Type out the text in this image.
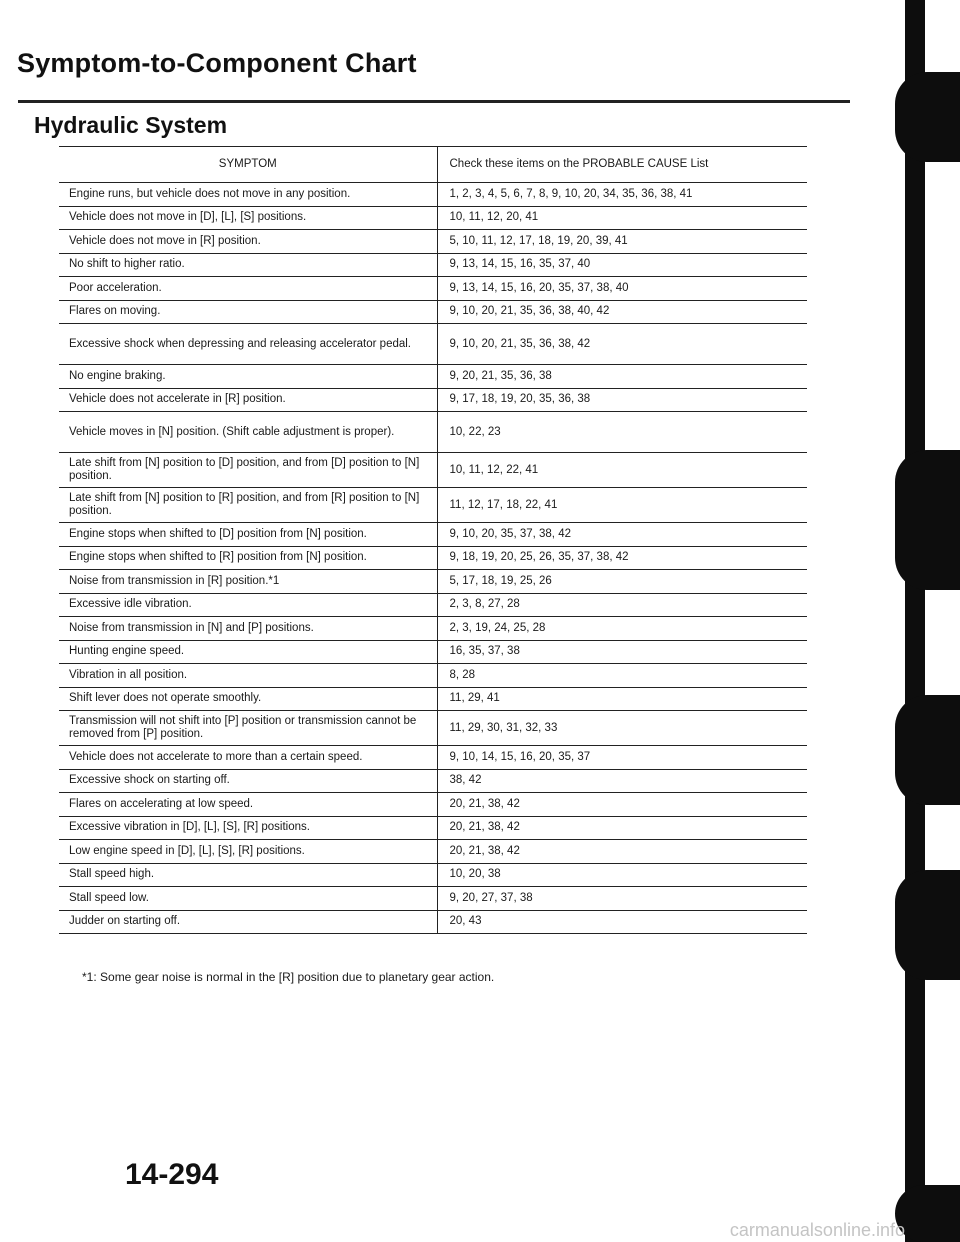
Symptom-to-Component Chart
Hydraulic System
SYMPTOM	Check these items on the PROBABLE CAUSE List
Engine runs, but vehicle does not move in any position.	1, 2, 3, 4, 5, 6, 7, 8, 9, 10, 20, 34, 35, 36, 38, 41
Vehicle does not move in [D], [L], [S] positions.	10, 11, 12, 20, 41
Vehicle does not move in [R] position.	5, 10, 11, 12, 17, 18, 19, 20, 39, 41
No shift to higher ratio.	9, 13, 14, 15, 16, 35, 37, 40
Poor acceleration.	9, 13, 14, 15, 16, 20, 35, 37, 38, 40
Flares on moving.	9, 10, 20, 21, 35, 36, 38, 40, 42
Excessive shock when depressing and releasing accelerator pedal.	9, 10, 20, 21, 35, 36, 38, 42
No engine braking.	9, 20, 21, 35, 36, 38
Vehicle does not accelerate in [R] position.	9, 17, 18, 19, 20, 35, 36, 38
Vehicle moves in [N] position. (Shift cable adjustment is proper).	10, 22, 23
Late shift from [N] position to [D] position, and from [D] position to [N] position.	10, 11, 12, 22, 41
Late shift from [N] position to [R] position, and from [R] position to [N] position.	11, 12, 17, 18, 22, 41
Engine stops when shifted to [D] position from [N] position.	9, 10, 20, 35, 37, 38, 42
Engine stops when shifted to [R] position from [N] position.	9, 18, 19, 20, 25, 26, 35, 37, 38, 42
Noise from transmission in [R] position.*1	5, 17, 18, 19, 25, 26
Excessive idle vibration.	2, 3, 8, 27, 28
Noise from transmission in [N] and [P] positions.	2, 3, 19, 24, 25, 28
Hunting engine speed.	16, 35, 37, 38
Vibration in all position.	8, 28
Shift lever does not operate smoothly.	11, 29, 41
Transmission will not shift into [P] position or transmission cannot be removed from [P] position.	11, 29, 30, 31, 32, 33
Vehicle does not accelerate to more than a certain speed.	9, 10, 14, 15, 16, 20, 35, 37
Excessive shock on starting off.	38, 42
Flares on accelerating at low speed.	20, 21, 38, 42
Excessive vibration in [D], [L], [S], [R] positions.	20, 21, 38, 42
Low engine speed in [D], [L], [S], [R] positions.	20, 21, 38, 42
Stall speed high.	10, 20, 38
Stall speed low.	9, 20, 27, 37, 38
Judder on starting off.	20, 43

*1: Some gear noise is normal in the [R] position due to planetary gear action.

14-294
carmanualsonline.info
